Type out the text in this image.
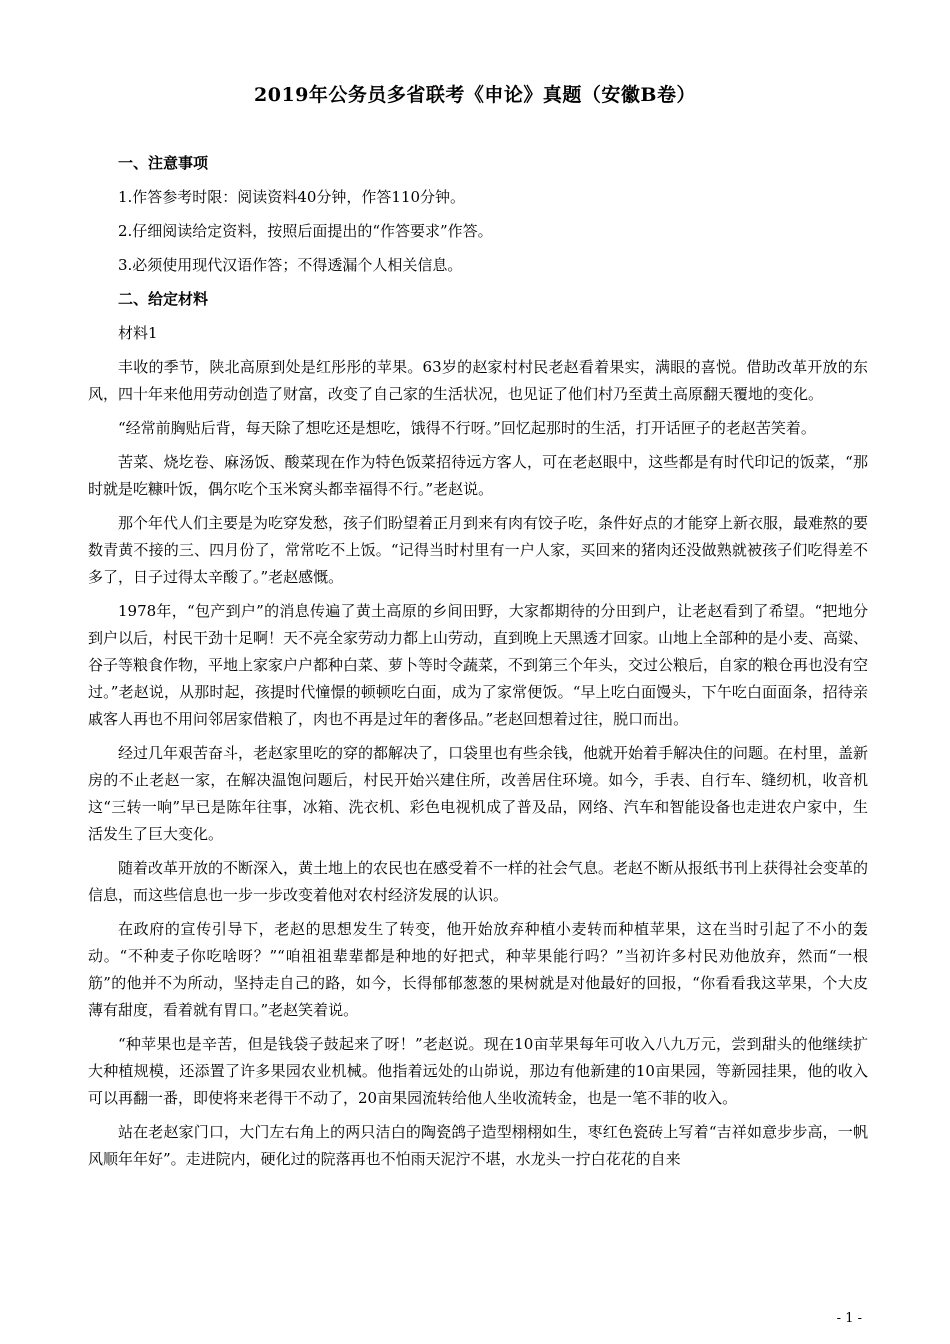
2019年公务员多省联考《申论》真题（安徽B卷）
一、注意事项
1.作答参考时限：阅读资料40分钟，作答110分钟。
2.仔细阅读给定资料，按照后面提出的“作答要求”作答。
3.必须使用现代汉语作答；不得透漏个人相关信息。
二、给定材料
材料1

丰收的季节，陕北高原到处是红彤彤的苹果。63岁的赵家村村民老赵看着果实，满眼的喜悦。借助改革开放的东风，四十年来他用劳动创造了财富，改变了自己家的生活状况，也见证了他们村乃至黄土高原翻天覆地的变化。

“经常前胸贴后背，每天除了想吃还是想吃，饿得不行呀。”回忆起那时的生活，打开话匣子的老赵苦笑着。

苦菜、烧圪卷、麻汤饭、酸菜现在作为特色饭菜招待远方客人，可在老赵眼中，这些都是有时代印记的饭菜，“那时就是吃糠叶饭，偶尔吃个玉米窝头都幸福得不行。”老赵说。

那个年代人们主要是为吃穿发愁，孩子们盼望着正月到来有肉有饺子吃，条件好点的才能穿上新衣服，最难熬的要数青黄不接的三、四月份了，常常吃不上饭。“记得当时村里有一户人家，买回来的猪肉还没做熟就被孩子们吃得差不多了，日子过得太辛酸了。”老赵感慨。

1978年，“包产到户”的消息传遍了黄土高原的乡间田野，大家都期待的分田到户，让老赵看到了希望。“把地分到户以后，村民干劲十足啊！天不亮全家劳动力都上山劳动，直到晚上天黑透才回家。山地上全部种的是小麦、高粱、谷子等粮食作物，平地上家家户户都种白菜、萝卜等时令蔬菜，不到第三个年头，交过公粮后，自家的粮仓再也没有空过。”老赵说，从那时起，孩提时代憧憬的顿顿吃白面，成为了家常便饭。“早上吃白面馒头，下午吃白面面条，招待亲戚客人再也不用问邻居家借粮了，肉也不再是过年的奢侈品。”老赵回想着过往，脱口而出。

经过几年艰苦奋斗，老赵家里吃的穿的都解决了，口袋里也有些余钱，他就开始着手解决住的问题。在村里，盖新房的不止老赵一家，在解决温饱问题后，村民开始兴建住所，改善居住环境。如今，手表、自行车、缝纫机，收音机这“三转一响”早已是陈年往事，冰箱、洗衣机、彩色电视机成了普及品，网络、汽车和智能设备也走进农户家中，生活发生了巨大变化。

随着改革开放的不断深入，黄土地上的农民也在感受着不一样的社会气息。老赵不断从报纸书刊上获得社会变革的信息，而这些信息也一步一步改变着他对农村经济发展的认识。

在政府的宣传引导下，老赵的思想发生了转变，他开始放弃种植小麦转而种植苹果，这在当时引起了不小的轰动。“不种麦子你吃啥呀？”“咱祖祖辈辈都是种地的好把式，种苹果能行吗？”当初许多村民劝他放弃，然而“一根筋”的他并不为所动，坚持走自己的路，如今，长得郁郁葱葱的果树就是对他最好的回报，“你看看我这苹果，个大皮薄有甜度，看着就有胃口。”老赵笑着说。

“种苹果也是辛苦，但是钱袋子鼓起来了呀！”老赵说。现在10亩苹果每年可收入八九万元，尝到甜头的他继续扩大种植规模，还添置了许多果园农业机械。他指着远处的山峁说，那边有他新建的10亩果园，等新园挂果，他的收入可以再翻一番，即使将来老得干不动了，20亩果园流转给他人坐收流转金，也是一笔不菲的收入。

站在老赵家门口，大门左右角上的两只洁白的陶瓷鸽子造型栩栩如生，枣红色瓷砖上写着“吉祥如意步步高，一帆风顺年年好”。走进院内，硬化过的院落再也不怕雨天泥泞不堪，水龙头一拧白花花的自来

- 1 -
